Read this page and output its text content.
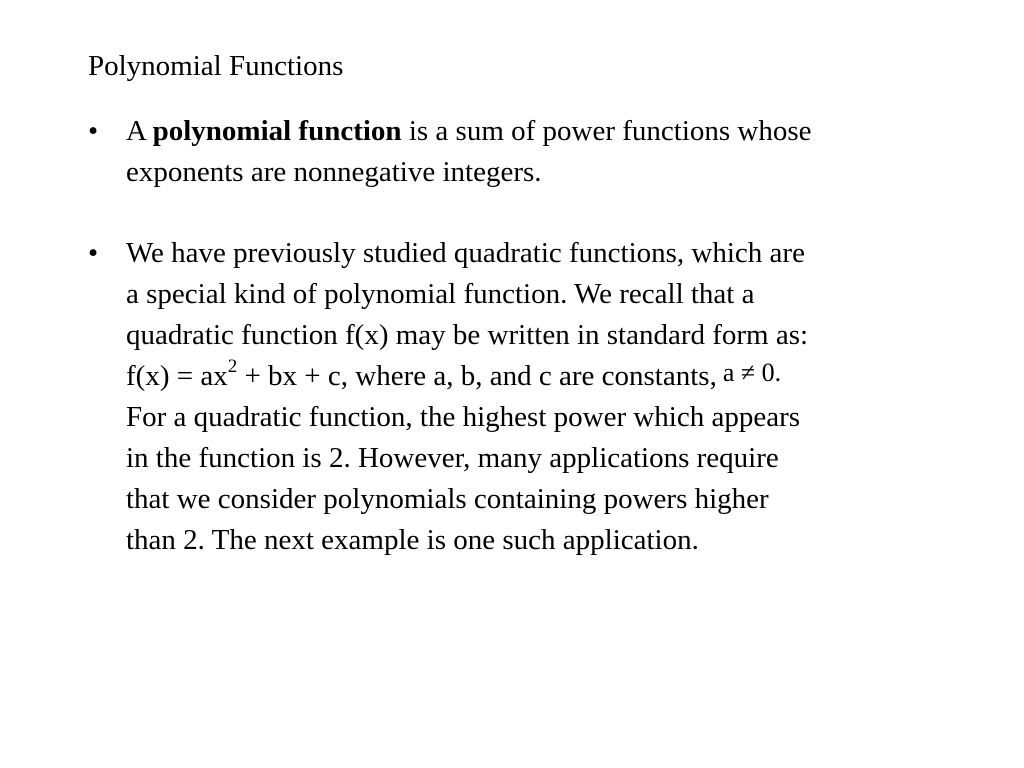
Polynomial Functions
• A polynomial function is a sum of power functions whose
exponents are nonnegative integers.
• We have previously studied quadratic functions, which are
a special kind of polynomial function. We recall that a
quadratic function f(x) may be written in standard form as:
$f(x) = ax^2$ + bx + c, where a, b, and c are constants, a ≠ 0.
For a quadratic function, the highest power which appears
in the function is 2. However, many applications require
that we consider polynomials containing powers higher
than 2. The next example is one such application.
